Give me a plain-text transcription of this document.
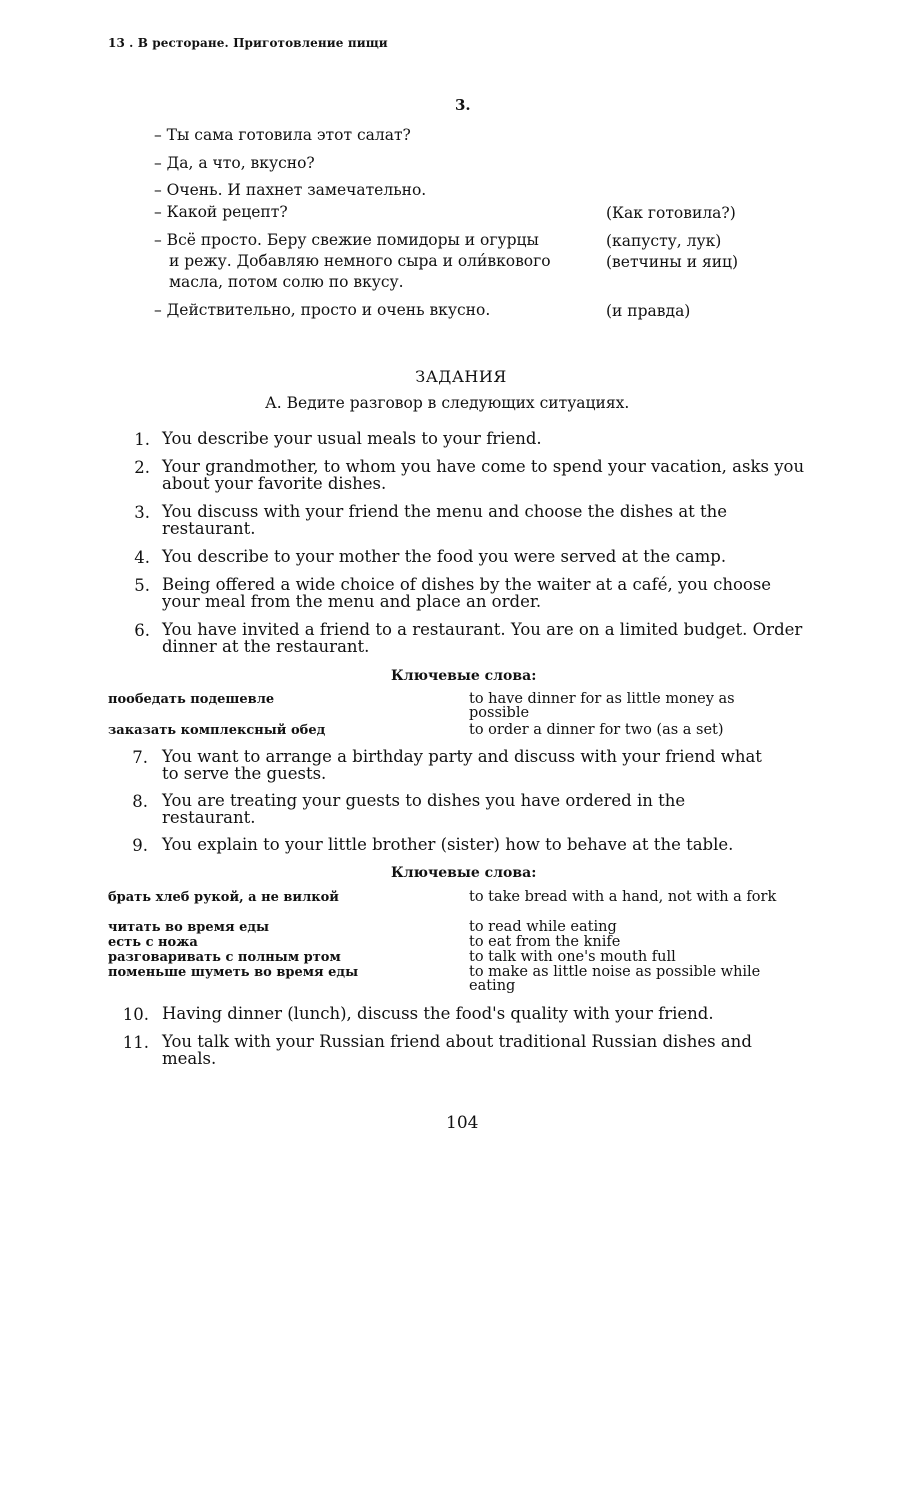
13 . В ресторане. Приготовление пищи
3.
– Ты сама готовила этот салат?
– Да, а что, вкусно?
– Очень. И пахнет замечательно.
– Какой рецепт?	(Как готовила?)
– Всё просто. Беру свежие помидоры и огурцы	(капусту, лук)
и режу. Добавляю немного сыра и оли́вкового	(ветчины и яиц)
масла, потом солю по вкусу.
– Действительно, просто и очень вкусно.	(и правда)
ЗАДАНИЯ
А. Ведите разговор в следующих ситуациях.
1. You describe your usual meals to your friend.
2. Your grandmother, to whom you have come to spend your vacation, asks you about your favorite dishes.
3. You discuss with your friend the menu and choose the dishes at the restaurant.
4. You describe to your mother the food you were served at the camp.
5. Being offered a wide choice of dishes by the waiter at a café, you choose your meal from the menu and place an order.
6. You have invited a friend to a restaurant. You are on a limited budget. Order dinner at the restaurant.
Ключевые слова:
пообедать подешевле	to have dinner for as little money as possible
заказать комплексный обед	to order a dinner for two (as a set)
7. You want to arrange a birthday party and discuss with your friend what to serve the guests.
8. You are treating your guests to dishes you have ordered in the restaurant.
9. You explain to your little brother (sister) how to behave at the table.
Ключевые слова:
брать хлеб рукой, а не вилкой	to take bread with a hand, not with a fork
читать во время еды	to read while eating
есть с ножа	to eat from the knife
разговаривать с полным ртом	to talk with one's mouth full
поменьше шуметь во время еды	to make as little noise as possible while eating
10. Having dinner (lunch), discuss the food's quality with your friend.
11. You talk with your Russian friend about traditional Russian dishes and meals.
104
